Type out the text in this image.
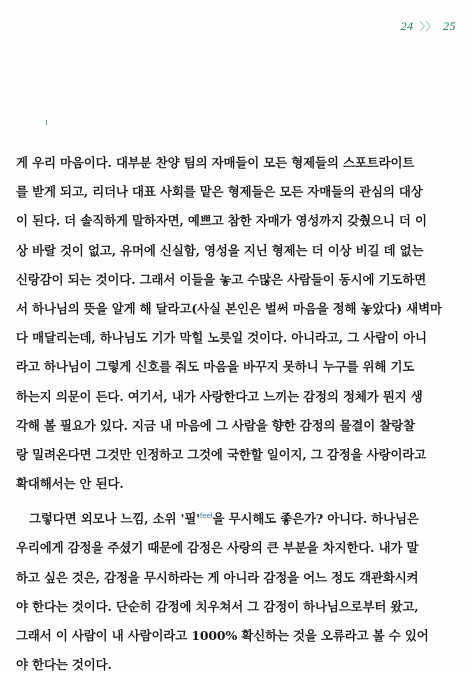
24 〉〉 25
게 우리 마음이다. 대부분 찬양 팀의 자매들이 모든 형제들의 스포트라이트
를 받게 되고, 리더나 대표 사회를 맡은 형제들은 모든 자매들의 관심의 대상
이 된다. 더 솔직하게 말하자면, 예쁘고 참한 자매가 영성까지 갖췄으니 더 이
상 바랄 것이 없고, 유머에 신실함, 영성을 지닌 형제는 더 이상 비길 데 없는
신랑감이 되는 것이다. 그래서 이들을 놓고 수많은 사람들이 동시에 기도하면
서 하나님의 뜻을 알게 해 달라고(사실 본인은 벌써 마음을 정해 놓았다) 새벽마
다 매달리는데, 하나님도 기가 막힐 노릇일 것이다. 아니라고, 그 사람이 아니
라고 하나님이 그렇게 신호를 줘도 마음을 바꾸지 못하니 누구를 위해 기도
하는지 의문이 든다. 여기서, 내가 사랑한다고 느끼는 감정의 정체가 뭔지 생
각해 볼 필요가 있다. 지금 내 마음에 그 사람을 향한 감정의 물결이 찰랑찰
랑 밀려온다면 그것만 인정하고 그것에 국한할 일이지, 그 감정을 사랑이라고
확대해서는 안 된다.
그렇다면 외모나 느낌, 소위 '필'$^{feel}$을 무시해도 좋은가? 아니다. 하나님은
우리에게 감정을 주셨기 때문에 감정은 사랑의 큰 부분을 차지한다. 내가 말
하고 싶은 것은, 감정을 무시하라는 게 아니라 감정을 어느 정도 객관화시켜
야 한다는 것이다. 단순히 감정에 치우쳐서 그 감정이 하나님으로부터 왔고,
그래서 이 사람이 내 사람이라고 1000% 확신하는 것을 오류라고 볼 수 있어
야 한다는 것이다.
